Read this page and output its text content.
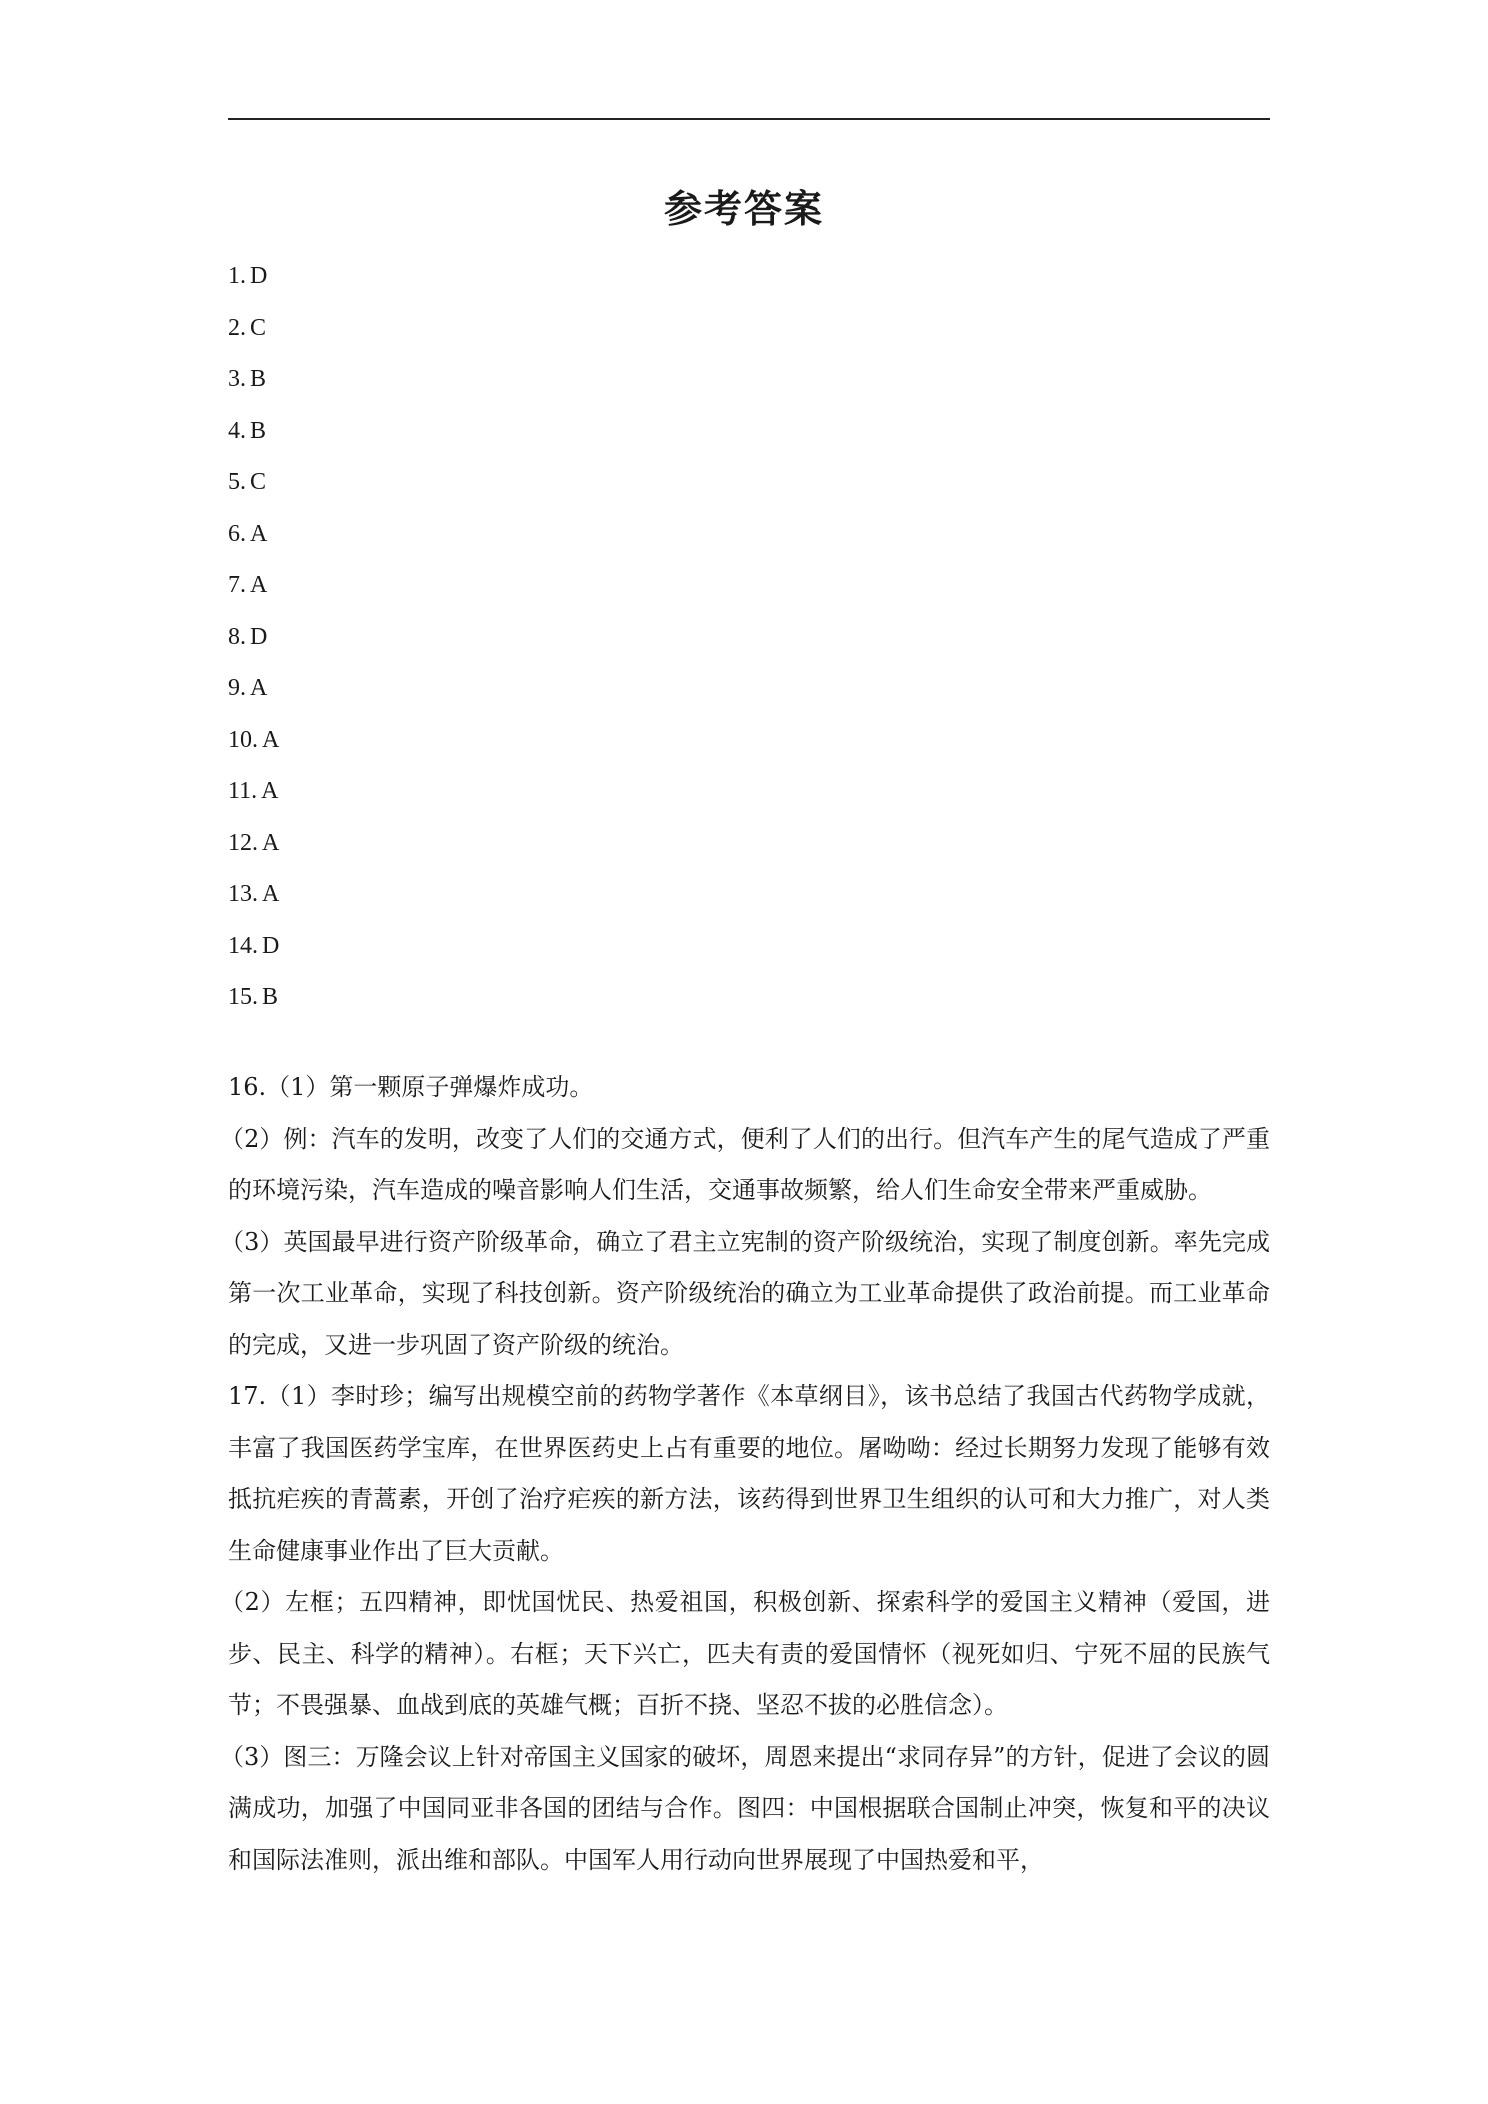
参考答案
1. D
2. C
3. B
4. B
5. C
6. A
7. A
8. D
9. A
10. A
11. A
12. A
13. A
14. D
15. B

16.（1）第一颗原子弹爆炸成功。

（2）例：汽车的发明，改变了人们的交通方式，便利了人们的出行。但汽车产生的尾气造成了严重的环境污染，汽车造成的噪音影响人们生活，交通事故频繁，给人们生命安全带来严重威胁。

（3）英国最早进行资产阶级革命，确立了君主立宪制的资产阶级统治，实现了制度创新。率先完成第一次工业革命，实现了科技创新。资产阶级统治的确立为工业革命提供了政治前提。而工业革命的完成，又进一步巩固了资产阶级的统治。

17.（1）李时珍；编写出规模空前的药物学著作《本草纲目》，该书总结了我国古代药物学成就，丰富了我国医药学宝库，在世界医药史上占有重要的地位。屠呦呦：经过长期努力发现了能够有效抵抗疟疾的青蒿素，开创了治疗疟疾的新方法，该药得到世界卫生组织的认可和大力推广，对人类生命健康事业作出了巨大贡献。

（2）左框；五四精神，即忧国忧民、热爱祖国，积极创新、探索科学的爱国主义精神（爱国，进步、民主、科学的精神）。右框；天下兴亡，匹夫有责的爱国情怀（视死如归、宁死不屈的民族气节；不畏强暴、血战到底的英雄气概；百折不挠、坚忍不拔的必胜信念）。

（3）图三：万隆会议上针对帝国主义国家的破坏，周恩来提出“求同存异”的方针，促进了会议的圆满成功，加强了中国同亚非各国的团结与合作。图四：中国根据联合国制止冲突，恢复和平的决议和国际法准则，派出维和部队。中国军人用行动向世界展现了中国热爱和平，
